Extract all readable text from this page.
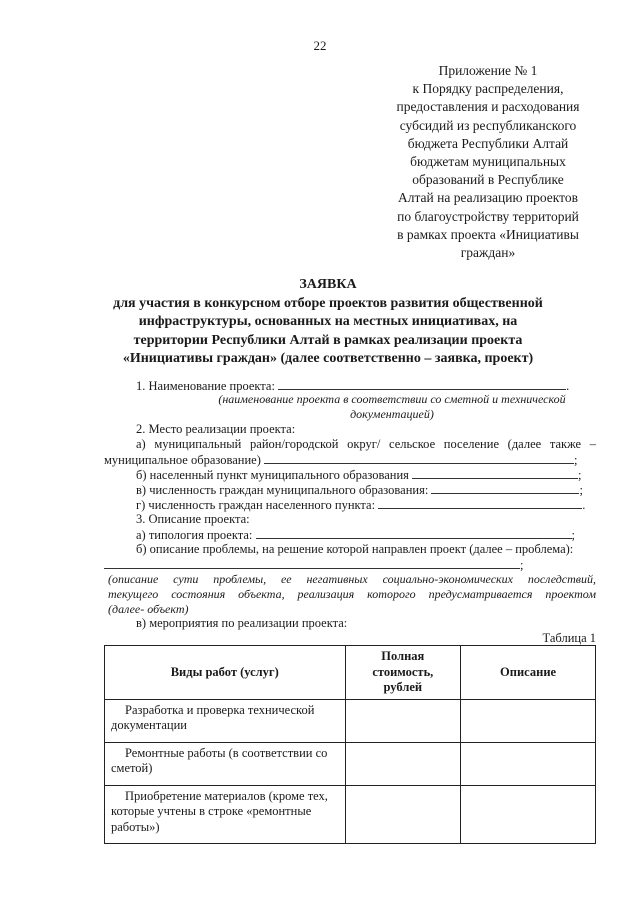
22
Приложение № 1
к Порядку распределения,
предоставления и расходования
субсидий из республиканского
бюджета Республики Алтай
бюджетам муниципальных
образований в Республике
Алтай на реализацию проектов
по благоустройству территорий
в рамках проекта «Инициативы
граждан»
ЗАЯВКА
для участия в конкурсном отборе проектов развития общественной
инфраструктуры, основанных на местных инициативах, на
территории Республики Алтай в рамках реализации проекта
«Инициативы граждан» (далее соответственно – заявка, проект)
1. Наименование проекта:	.
(наименование проекта в соответствии со сметной и технической
документацией)
2. Место реализации проекта:
а) муниципальный район/городской округ/ сельское поселение (далее также –
муниципальное образование)	;
б) населенный пункт муниципального образования	;
в) численность граждан муниципального образования:	;
г) численность граждан населенного пункта:	.
3. Описание проекта:
а) типология проекта:	;
б) описание проблемы, на решение которой направлен проект (далее – проблема):
;
(описание сути проблемы, ее негативных социально-экономических последствий,
текущего состояния объекта, реализация которого предусматривается проектом
(далее- объект)
в) мероприятия по реализации проекта:
Таблица 1
Виды работ (услуг)	Полная стоимость, рублей	Описание

Разработка и проверка технической документации		

Ремонтные работы (в соответствии со сметой)		

Приобретение материалов (кроме тех, которые учтены в строке «ремонтные работы»)		
